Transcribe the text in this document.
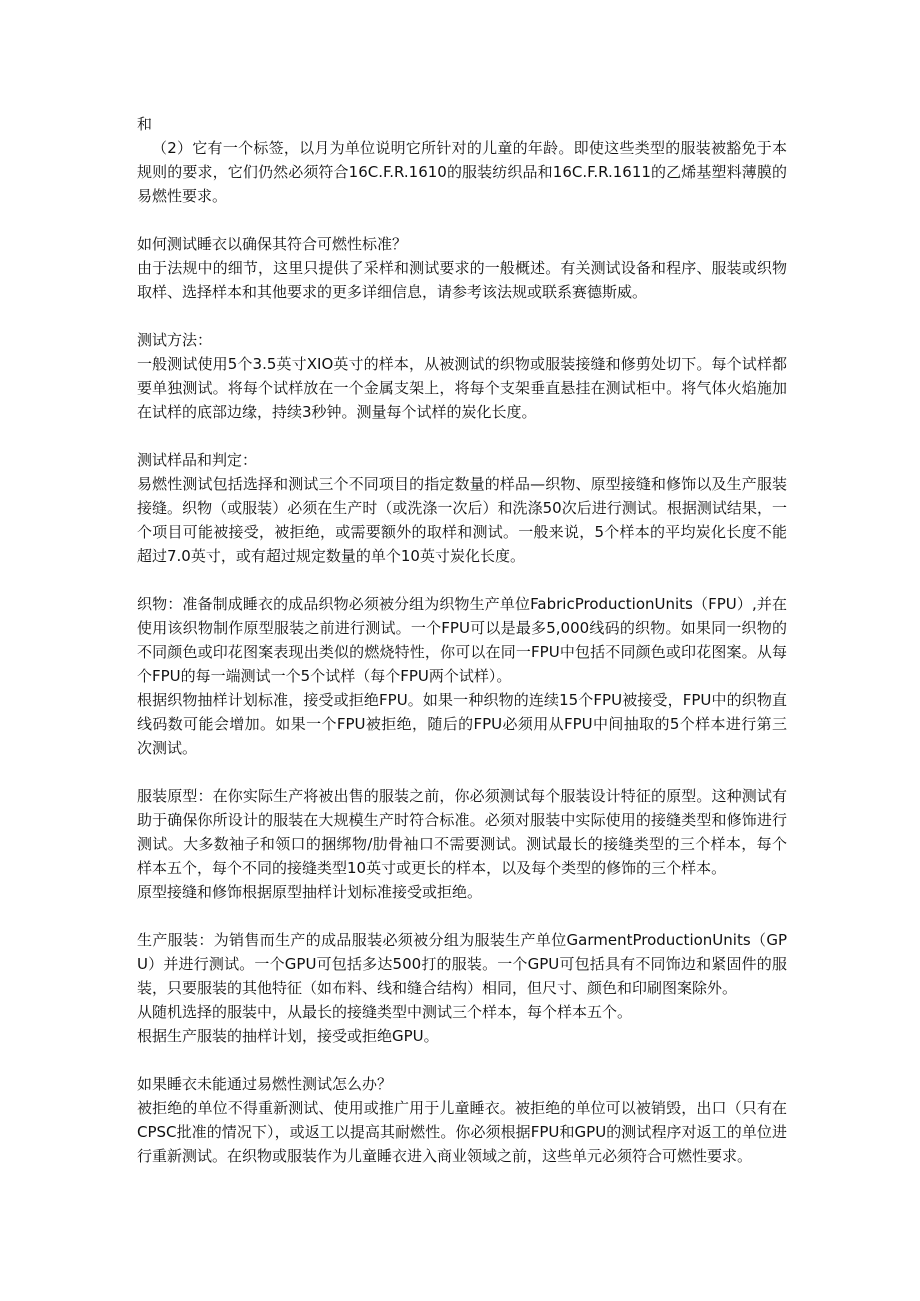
和

（2）它有一个标签，以月为单位说明它所针对的儿童的年龄。即使这些类型的服装被豁免于本规则的要求，它们仍然必须符合16C.F.R.1610的服装纺织品和16C.F.R.1611的乙烯基塑料薄膜的易燃性要求。

如何测试睡衣以确保其符合可燃性标准？

由于法规中的细节，这里只提供了采样和测试要求的一般概述。有关测试设备和程序、服装或织物取样、选择样本和其他要求的更多详细信息，请参考该法规或联系赛德斯威。

测试方法：

一般测试使用5个3.5英寸XIO英寸的样本，从被测试的织物或服装接缝和修剪处切下。每个试样都要单独测试。将每个试样放在一个金属支架上，将每个支架垂直悬挂在测试柜中。将气体火焰施加在试样的底部边缘，持续3秒钟。测量每个试样的炭化长度。

测试样品和判定：

易燃性测试包括选择和测试三个不同项目的指定数量的样品—织物、原型接缝和修饰以及生产服装接缝。织物（或服装）必须在生产时（或洗涤一次后）和洗涤50次后进行测试。根据测试结果，一个项目可能被接受，被拒绝，或需要额外的取样和测试。一般来说，5个样本的平均炭化长度不能超过7.0英寸，或有超过规定数量的单个10英寸炭化长度。

织物：准备制成睡衣的成品织物必须被分组为织物生产单位FabricProductionUnits（FPU）,并在使用该织物制作原型服装之前进行测试。一个FPU可以是最多5,000线码的织物。如果同一织物的不同颜色或印花图案表现出类似的燃烧特性，你可以在同一FPU中包括不同颜色或印花图案。从每个FPU的每一端测试一个5个试样（每个FPU两个试样）。

根据织物抽样计划标准，接受或拒绝FPU。如果一种织物的连续15个FPU被接受，FPU中的织物直线码数可能会增加。如果一个FPU被拒绝，随后的FPU必须用从FPU中间抽取的5个样本进行第三次测试。

服装原型：在你实际生产将被出售的服装之前，你必须测试每个服装设计特征的原型。这种测试有助于确保你所设计的服装在大规模生产时符合标准。必须对服装中实际使用的接缝类型和修饰进行测试。大多数袖子和领口的捆绑物/肋骨袖口不需要测试。测试最长的接缝类型的三个样本，每个样本五个，每个不同的接缝类型10英寸或更长的样本，以及每个类型的修饰的三个样本。

原型接缝和修饰根据原型抽样计划标准接受或拒绝。

生产服装：为销售而生产的成品服装必须被分组为服装生产单位GarmentProductionUnits（GPU）并进行测试。一个GPU可包括多达500打的服装。一个GPU可包括具有不同饰边和紧固件的服装，只要服装的其他特征（如布料、线和缝合结构）相同，但尺寸、颜色和印刷图案除外。

从随机选择的服装中，从最长的接缝类型中测试三个样本，每个样本五个。

根据生产服装的抽样计划，接受或拒绝GPU。

如果睡衣未能通过易燃性测试怎么办？

被拒绝的单位不得重新测试、使用或推广用于儿童睡衣。被拒绝的单位可以被销毁，出口（只有在CPSC批准的情况下），或返工以提高其耐燃性。你必须根据FPU和GPU的测试程序对返工的单位进行重新测试。在织物或服装作为儿童睡衣进入商业领域之前，这些单元必须符合可燃性要求。
